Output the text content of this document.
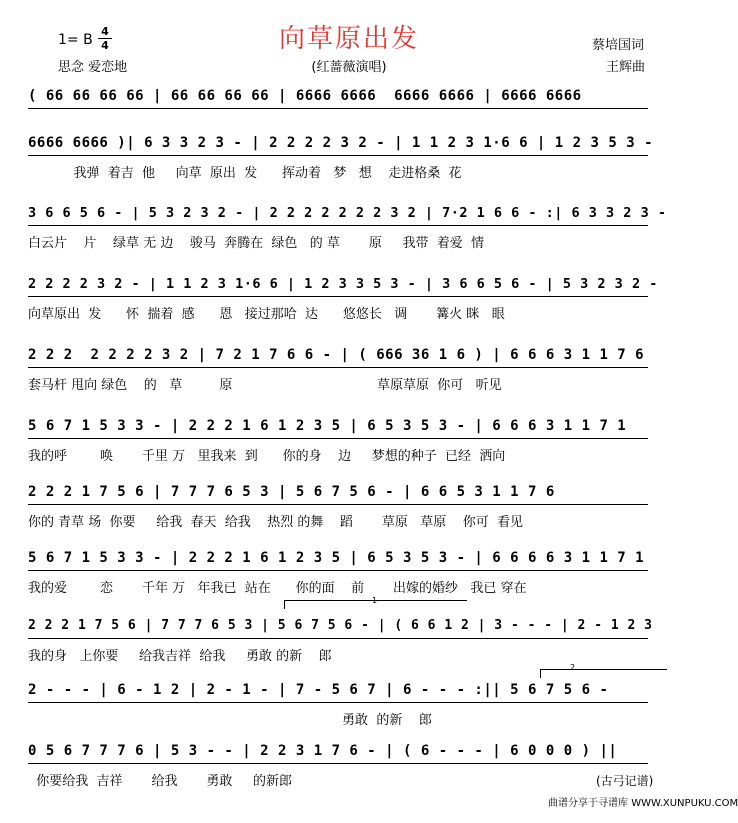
向草原出发
(红蔷薇演唱)
1= B
4
4
思念 爱恋地
蔡培国词
王辉曲
( 66 66 66 66 | 66 66 66 66 | 6666 6666  6666 6666 | 6666 6666
6666 6666 )| 6 3 3 2 3 - | 2 2 2 2 3 2 - | 1 1 2 3 1·6 6 | 1 2 3 5 3 -
我弹  着吉  他     向草  原出  发      挥动着   梦   想    走进格桑  花
3 6 6 5 6 - | 5 3 2 3 2 - | 2 2 2 2 2 2 2 3 2 | 7·2 1 6 6 - :| 6 3 3 2 3 -
白云片    片    绿草 无 边    骏马  奔腾在  绿色   的 草       原     我带  着爱  情
2 2 2 2 3 2 - | 1 1 2 3 1·6 6 | 1 2 3 3 5 3 - | 3 6 6 5 6 - | 5 3 2 3 2 -
向草原出  发      怀  揣着  感      恩   接过那哈  达      悠悠长   调       篝火 眯   眼
2 2 2  2 2 2 2 3 2 | 7 2 1 7 6 6 - | ( 666 36 1 6 ) | 6 6 6 3 1 1 7 6
套马杆 甩向 绿色    的   草         原                                   草原草原  你可   听见
5 6 7 1 5 3 3 - | 2 2 2 1 6 1 2 3 5 | 6 5 3 5 3 - | 6 6 6 3 1 1 7 1
我的呼        唤       千里 万   里我来  到      你的身    边     梦想的种子  已经  洒向
2 2 2 1 7 5 6 | 7 7 7 6 5 3 | 5 6 7 5 6 - | 6 6 5 3 1 1 7 6
你的 青草 场  你要     给我  春天  给我    热烈 的舞    蹈       草原   草原    你可  看见
5 6 7 1 5 3 3 - | 2 2 2 1 6 1 2 3 5 | 6 5 3 5 3 - | 6 6 6 6 3 1 1 7 1
我的爱        恋       千年 万   年我已  站在      你的面    前       出嫁的婚纱   我已 穿在
2 2 2 1 7 5 6 | 7 7 7 6 5 3 | 5 6 7 5 6 - | ( 6 6 1 2 | 3 - - - | 2 - 1 2 3
我的身   上你要     给我吉祥  给我     勇敢 的新    郎
2 - - - | 6 - 1 2 | 2 - 1 - | 7 - 5 6 7 | 6 - - - :|| 5 6 7 5 6 -
勇敢  的新    郎
0 5 6 7 7 7 6 | 5 3 - - | 2 2 3 1 7 6 - | ( 6 - - - | 6 0 0 0 ) ||
你要给我  吉祥       给我       勇敢     的新郎
1
2
(古弓记谱)
曲谱分享于寻谱库 WWW.XUNPUKU.COM
